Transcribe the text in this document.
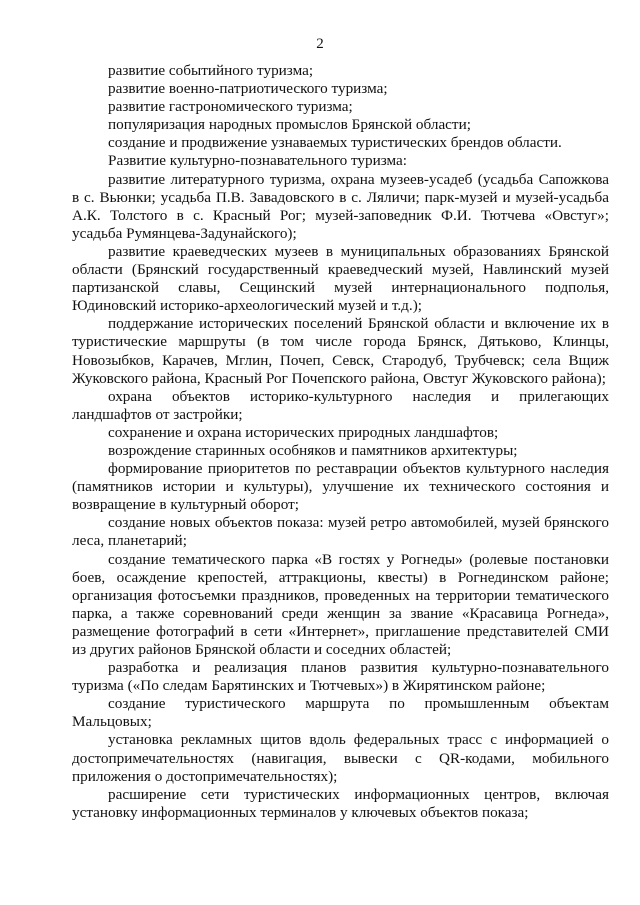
2

развитие событийного туризма;

развитие военно-патриотического туризма;

развитие гастрономического туризма;

популяризация народных промыслов Брянской области;

создание и продвижение узнаваемых туристических брендов области.

Развитие культурно-познавательного туризма:

развитие литературного туризма, охрана музеев-усадеб (усадьба Сапожкова в с. Вьюнки; усадьба П.В. Завадовского в с. Ляличи; парк-музей и музей-усадьба А.К. Толстого в с. Красный Рог; музей-заповедник Ф.И. Тютчева «Овстуг»; усадьба Румянцева-Задунайского);

развитие краеведческих музеев в муниципальных образованиях Брянской области (Брянский государственный краеведческий музей, Навлинский музей партизанской славы, Сещинский музей интернационального подполья, Юдиновский историко-археологический музей и т.д.);

поддержание исторических поселений Брянской области и включение их в туристические маршруты (в том числе города Брянск, Дятьково, Клинцы, Новозыбков, Карачев, Мглин, Почеп, Севск, Стародуб, Трубчевск; села Вщиж Жуковского района, Красный Рог Почепского района, Овстуг Жуковского района);

охрана объектов историко-культурного наследия и прилегающих ландшафтов от застройки;

сохранение и охрана исторических природных ландшафтов;

возрождение старинных особняков и памятников архитектуры;

формирование приоритетов по реставрации объектов культурного наследия (памятников истории и культуры), улучшение их технического состояния и возвращение в культурный оборот;

создание новых объектов показа: музей ретро автомобилей, музей брянского леса, планетарий;

создание тематического парка «В гостях у Рогнеды» (ролевые постановки боев, осаждение крепостей, аттракционы, квесты) в Рогнединском районе; организация фотосъемки праздников, проведенных на территории тематического парка, а также соревнований среди женщин за звание «Красавица Рогнеда», размещение фотографий в сети «Интернет», приглашение представителей СМИ из других районов Брянской области и соседних областей;

разработка и реализация планов развития культурно-познавательного туризма («По следам Барятинских и Тютчевых») в Жирятинском районе;

создание туристического маршрута по промышленным объектам Мальцовых;

установка рекламных щитов вдоль федеральных трасс с информацией о достопримечательностях (навигация, вывески с QR-кодами, мобильного приложения о достопримечательностях);

расширение сети туристических информационных центров, включая установку информационных терминалов у ключевых объектов показа;
